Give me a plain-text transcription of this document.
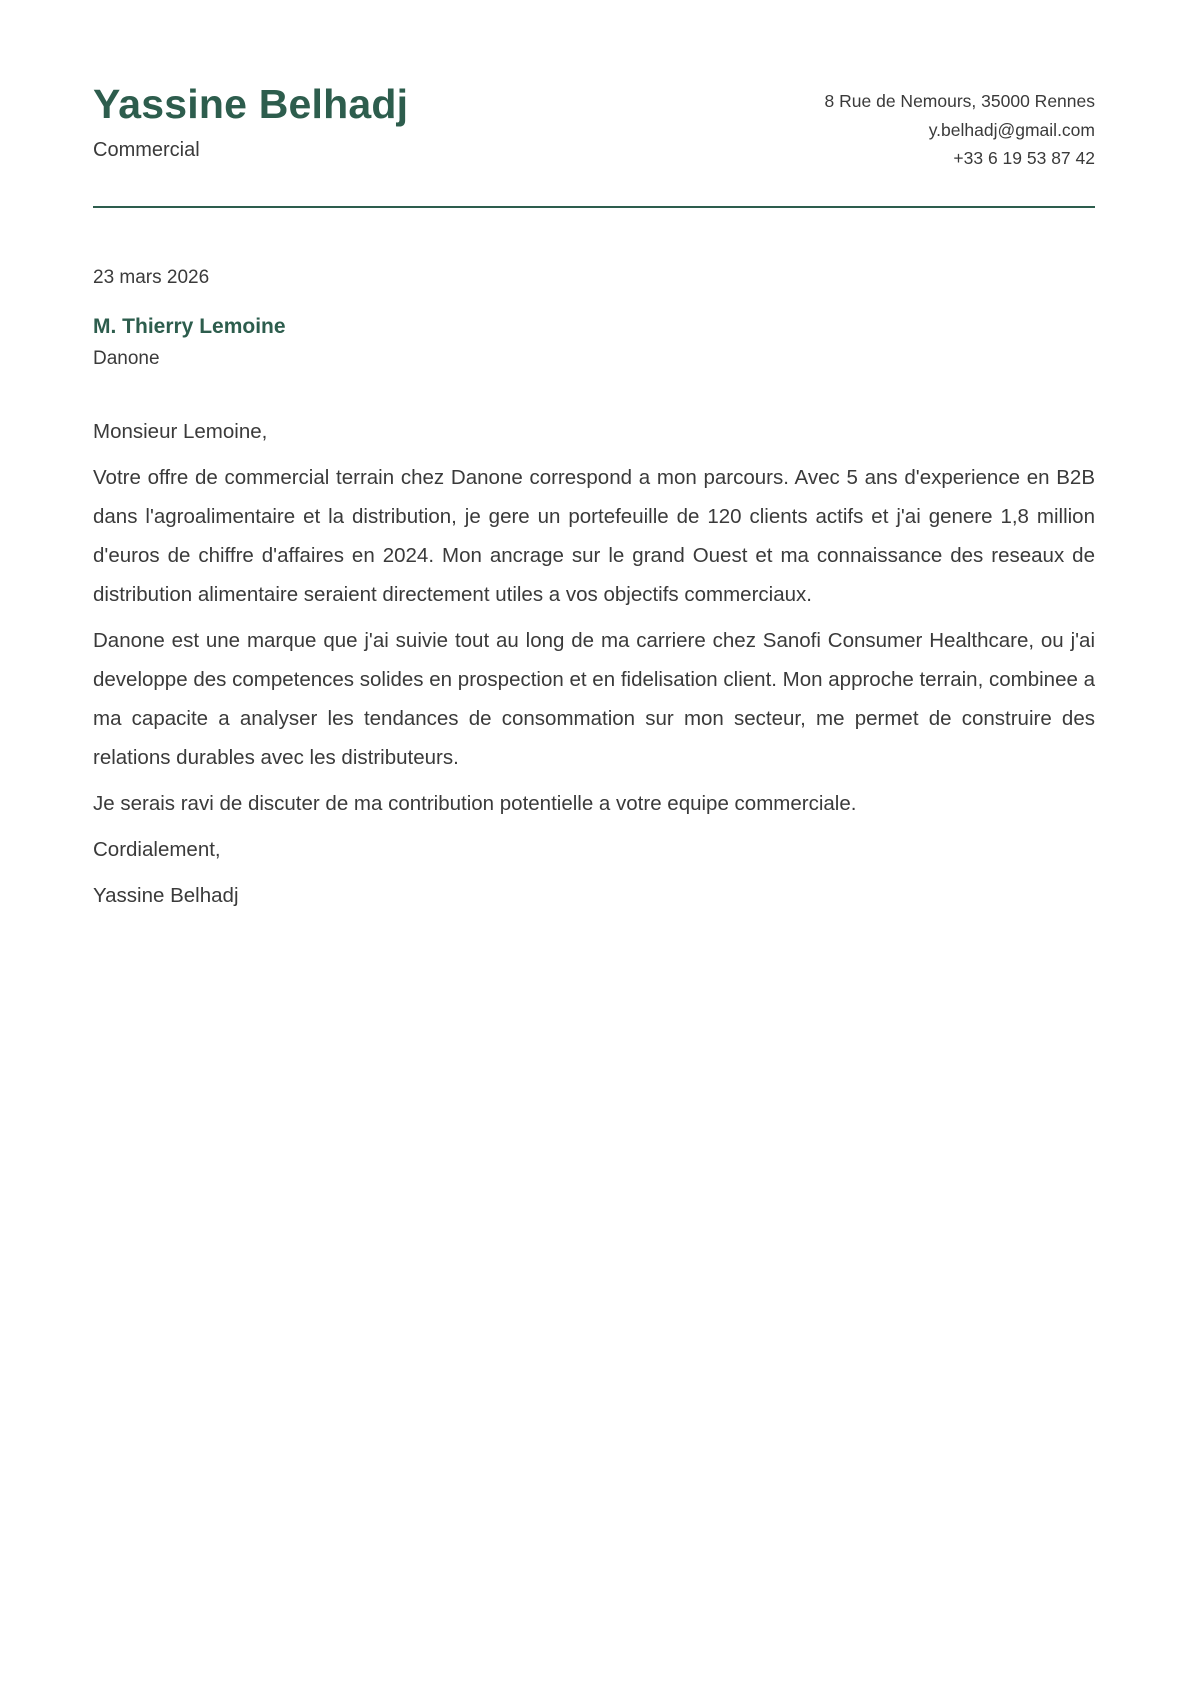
Yassine Belhadj
Commercial
8 Rue de Nemours, 35000 Rennes
y.belhadj@gmail.com
+33 6 19 53 87 42
23 mars 2026
M. Thierry Lemoine
Danone

Monsieur Lemoine,

Votre offre de commercial terrain chez Danone correspond a mon parcours. Avec 5 ans d'experience en B2B dans l'agroalimentaire et la distribution, je gere un portefeuille de 120 clients actifs et j'ai genere 1,8 million d'euros de chiffre d'affaires en 2024. Mon ancrage sur le grand Ouest et ma connaissance des reseaux de distribution alimentaire seraient directement utiles a vos objectifs commerciaux.

Danone est une marque que j'ai suivie tout au long de ma carriere chez Sanofi Consumer Healthcare, ou j'ai developpe des competences solides en prospection et en fidelisation client. Mon approche terrain, combinee a ma capacite a analyser les tendances de consommation sur mon secteur, me permet de construire des relations durables avec les distributeurs.

Je serais ravi de discuter de ma contribution potentielle a votre equipe commerciale.

Cordialement,

Yassine Belhadj
